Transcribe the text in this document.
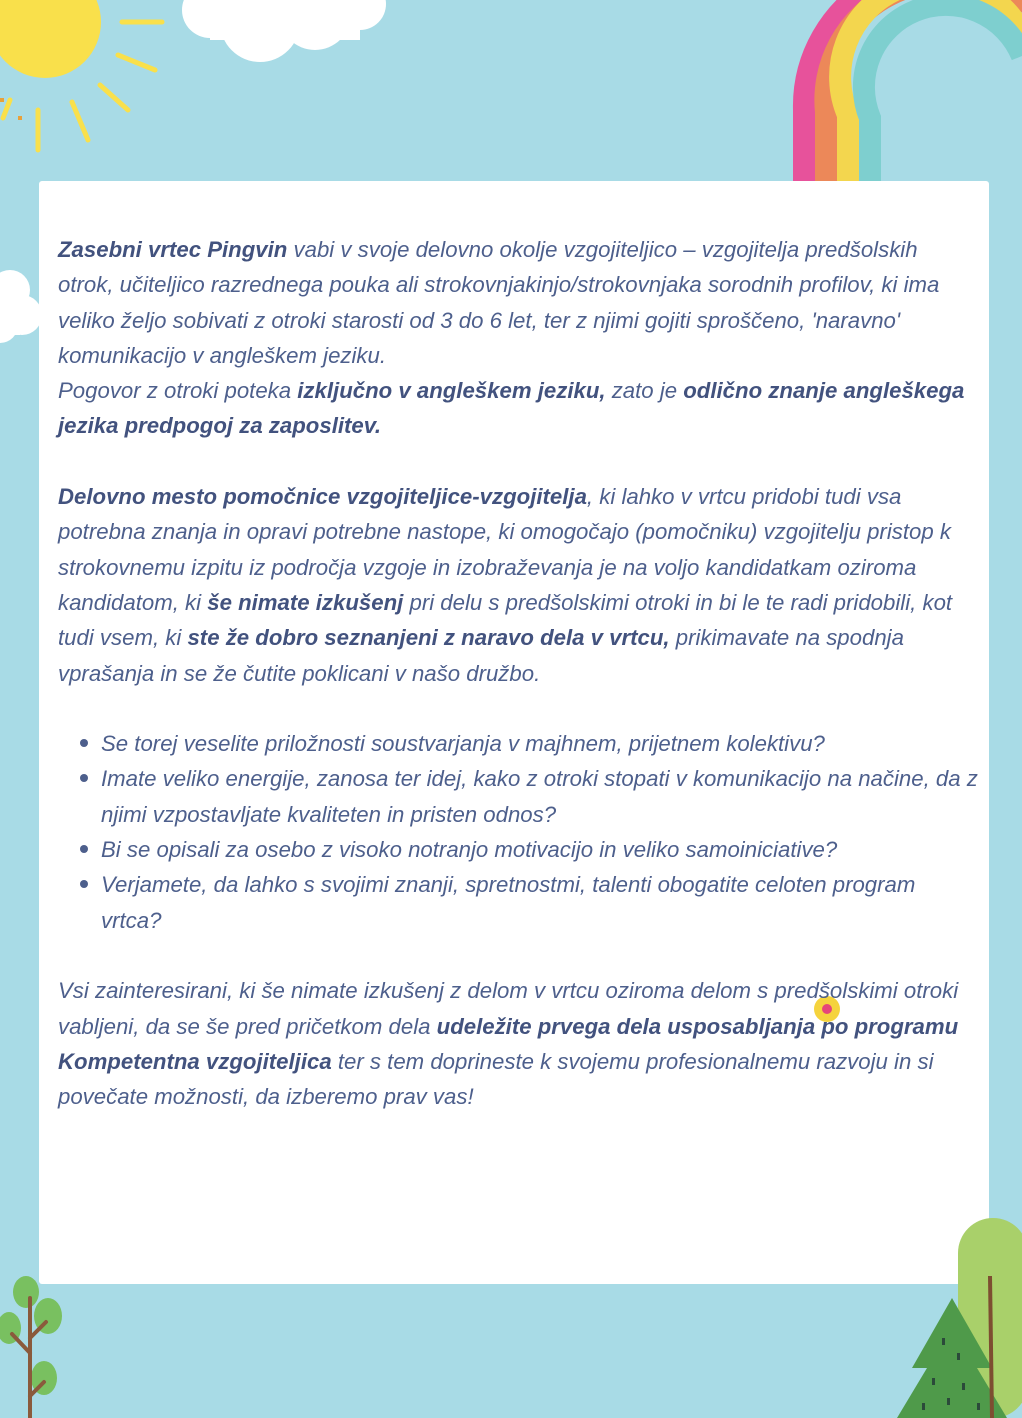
Zasebni vrtec Pingvin vabi v svoje delovno okolje vzgojiteljico – vzgojitelja predšolskih otrok, učiteljico razrednega pouka ali strokovnjakinjo/strokovnjaka sorodnih profilov, ki ima veliko željo sobivati z otroki starosti od 3 do 6 let, ter z njimi gojiti sproščeno, 'naravno' komunikacijo v angleškem jeziku.

Pogovor z otroki poteka izključno v angleškem jeziku, zato je odlično znanje angleškega jezika predpogoj za zaposlitev.

Delovno mesto pomočnice vzgojiteljice-vzgojitelja, ki lahko v vrtcu pridobi tudi vsa potrebna znanja in opravi potrebne nastope, ki omogočajo (pomočniku) vzgojitelju pristop k strokovnemu izpitu iz področja vzgoje in izobraževanja je na voljo kandidatkam oziroma kandidatom, ki še nimate izkušenj pri delu s predšolskimi otroki in bi le te radi pridobili, kot tudi vsem, ki ste že dobro seznanjeni z naravo dela v vrtcu, prikimavate na spodnja vprašanja in se že čutite poklicani v našo družbo.

Se torej veselite priložnosti soustvarjanja v majhnem, prijetnem kolektivu?
Imate veliko energije, zanosa ter idej, kako z otroki stopati v komunikacijo na načine, da z njimi vzpostavljate kvaliteten in pristen odnos?
Bi se opisali za osebo z visoko notranjo motivacijo in veliko samoiniciative?
Verjamete, da lahko s svojimi znanji, spretnostmi, talenti obogatite celoten program vrtca?

Vsi zainteresirani, ki še nimate izkušenj z delom v vrtcu oziroma delom s predšolskimi otroki vabljeni, da se še pred pričetkom dela udeležite prvega dela usposabljanja po programu Kompetentna vzgojiteljica ter s tem doprineste k svojemu profesionalnemu razvoju in si povečate možnosti, da izberemo prav vas!
